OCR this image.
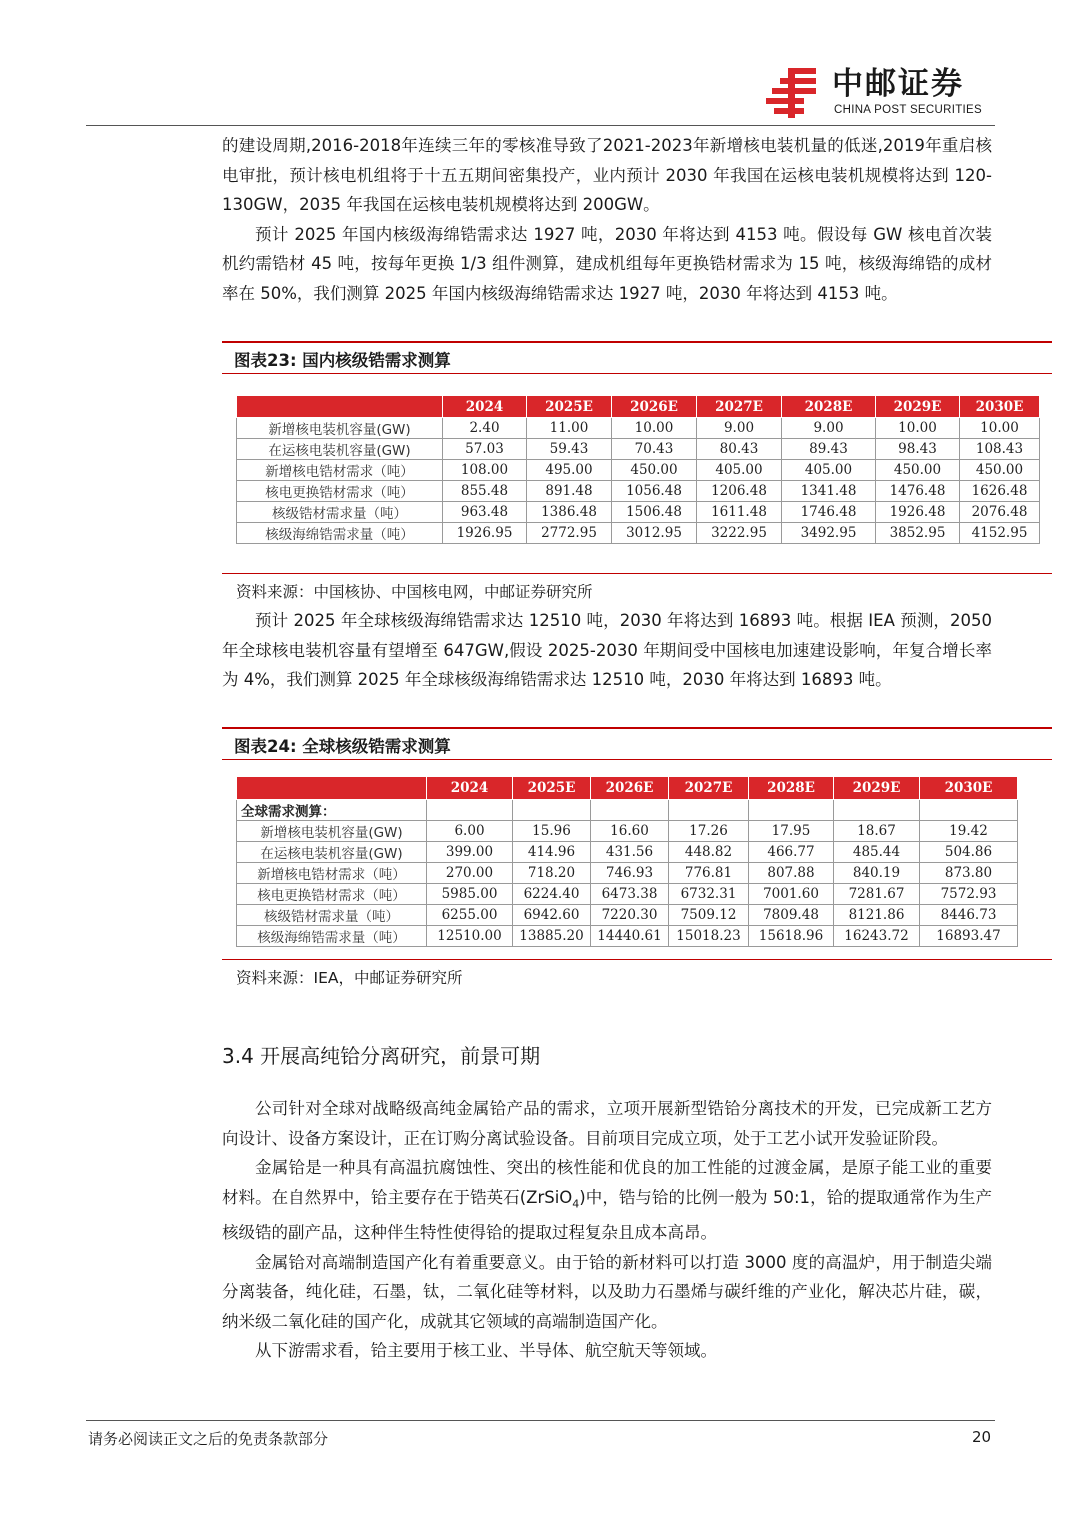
中邮证券
CHINA POST SECURITIES

的建设周期,2016-2018年连续三年的零核准导致了2021-2023年新增核电装机量的低迷,2019年重启核电审批，预计核电机组将于十五五期间密集投产，业内预计 2030 年我国在运核电装机规模将达到 120-130GW，2035 年我国在运核电装机规模将达到 200GW。

预计 2025 年国内核级海绵锆需求达 1927 吨，2030 年将达到 4153 吨。假设每 GW 核电首次装机约需锆材 45 吨，按每年更换 1/3 组件测算，建成机组每年更换锆材需求为 15 吨，核级海绵锆的成材率在 50%，我们测算 2025 年国内核级海绵锆需求达 1927 吨，2030 年将达到 4153 吨。

图表23: 国内核级锆需求测算
	2024	2025E	2026E	2027E	2028E	2029E	2030E
新增核电装机容量(GW)	2.40	11.00	10.00	9.00	9.00	10.00	10.00
在运核电装机容量(GW)	57.03	59.43	70.43	80.43	89.43	98.43	108.43
新增核电锆材需求（吨）	108.00	495.00	450.00	405.00	405.00	450.00	450.00
核电更换锆材需求（吨）	855.48	891.48	1056.48	1206.48	1341.48	1476.48	1626.48
核级锆材需求量（吨）	963.48	1386.48	1506.48	1611.48	1746.48	1926.48	2076.48
核级海绵锆需求量（吨）	1926.95	2772.95	3012.95	3222.95	3492.95	3852.95	4152.95
资料来源：中国核协、中国核电网，中邮证券研究所

预计 2025 年全球核级海绵锆需求达 12510 吨，2030 年将达到 16893 吨。根据 IEA 预测，2050 年全球核电装机容量有望增至 647GW,假设 2025-2030 年期间受中国核电加速建设影响，年复合增长率为 4%，我们测算 2025 年全球核级海绵锆需求达 12510 吨，2030 年将达到 16893 吨。

图表24: 全球核级锆需求测算
	2024	2025E	2026E	2027E	2028E	2029E	2030E
全球需求测算：							
新增核电装机容量(GW)	6.00	15.96	16.60	17.26	17.95	18.67	19.42
在运核电装机容量(GW)	399.00	414.96	431.56	448.82	466.77	485.44	504.86
新增核电锆材需求（吨）	270.00	718.20	746.93	776.81	807.88	840.19	873.80
核电更换锆材需求（吨）	5985.00	6224.40	6473.38	6732.31	7001.60	7281.67	7572.93
核级锆材需求量（吨）	6255.00	6942.60	7220.30	7509.12	7809.48	8121.86	8446.73
核级海绵锆需求量（吨）	12510.00	13885.20	14440.61	15018.23	15618.96	16243.72	16893.47
资料来源：IEA，中邮证券研究所
3.4 开展高纯铪分离研究，前景可期

公司针对全球对战略级高纯金属铪产品的需求，立项开展新型锆铪分离技术的开发，已完成新工艺方向设计、设备方案设计，正在订购分离试验设备。目前项目完成立项，处于工艺小试开发验证阶段。

金属铪是一种具有高温抗腐蚀性、突出的核性能和优良的加工性能的过渡金属，是原子能工业的重要材料。在自然界中，铪主要存在于锆英石(ZrSiO$_4$)中，锆与铪的比例一般为 50:1，铪的提取通常作为生产核级锆的副产品，这种伴生特性使得铪的提取过程复杂且成本高昂。

金属铪对高端制造国产化有着重要意义。由于铪的新材料可以打造 3000 度的高温炉，用于制造尖端分离装备，纯化硅，石墨，钛，二氧化硅等材料，以及助力石墨烯与碳纤维的产业化，解决芯片硅，碳，纳米级二氧化硅的国产化，成就其它领域的高端制造国产化。

从下游需求看，铪主要用于核工业、半导体、航空航天等领域。

请务必阅读正文之后的免责条款部分	20
